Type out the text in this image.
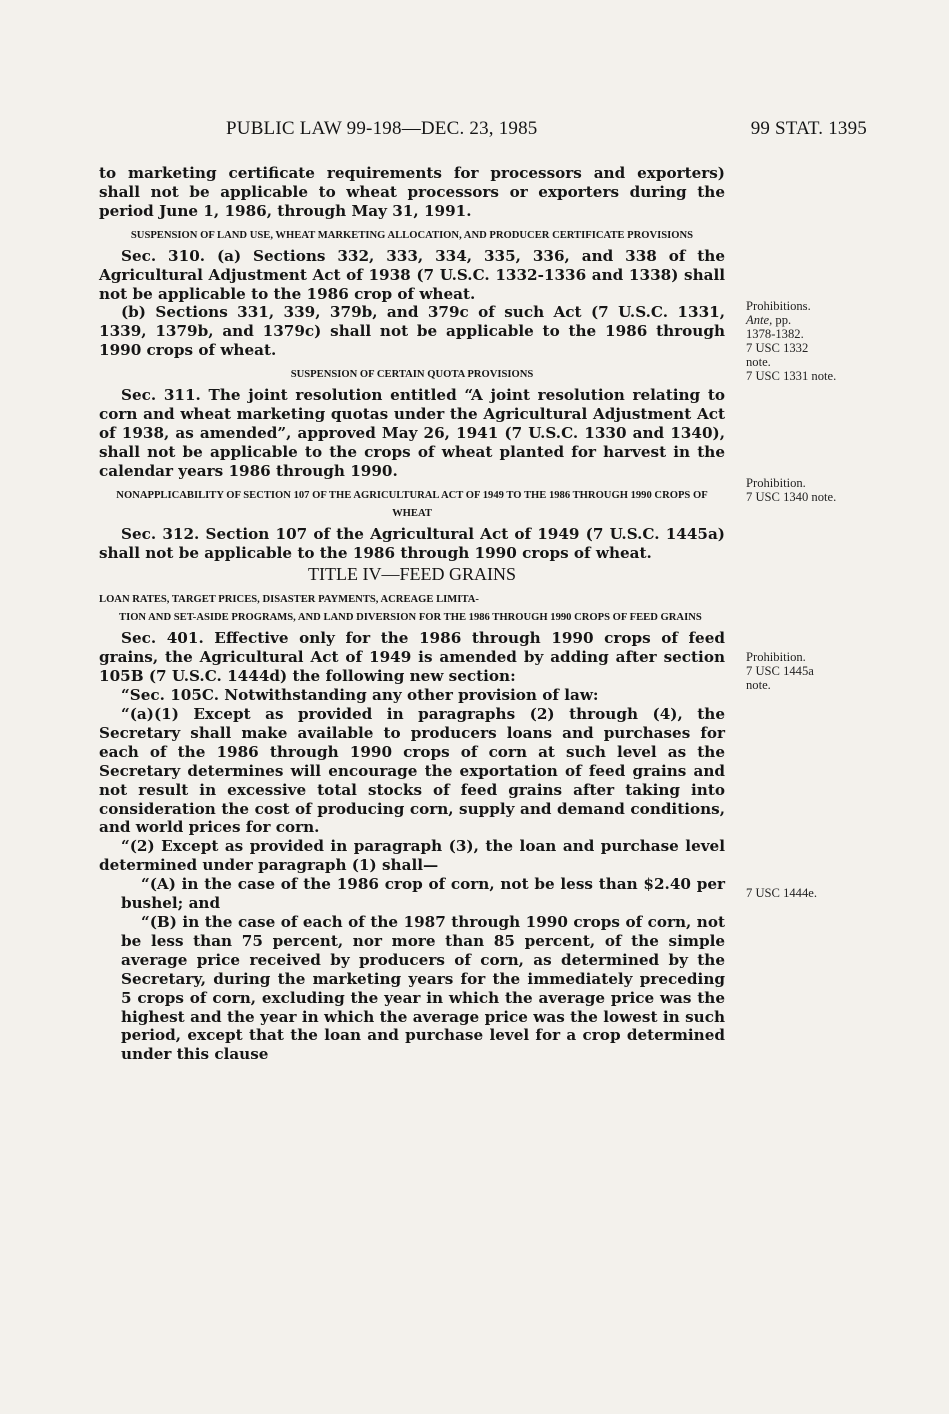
PUBLIC LAW 99-198—DEC. 23, 1985	99 STAT. 1395

to marketing certificate requirements for processors and exporters) shall not be applicable to wheat processors or exporters during the period June 1, 1986, through May 31, 1991.

SUSPENSION OF LAND USE, WHEAT MARKETING ALLOCATION, AND PRODUCER CERTIFICATE PROVISIONS

Sec. 310. (a) Sections 332, 333, 334, 335, 336, and 338 of the Agricultural Adjustment Act of 1938 (7 U.S.C. 1332-1336 and 1338) shall not be applicable to the 1986 crop of wheat.

(b) Sections 331, 339, 379b, and 379c of such Act (7 U.S.C. 1331, 1339, 1379b, and 1379c) shall not be applicable to the 1986 through 1990 crops of wheat.

SUSPENSION OF CERTAIN QUOTA PROVISIONS

Sec. 311. The joint resolution entitled “A joint resolution relating to corn and wheat marketing quotas under the Agricultural Adjustment Act of 1938, as amended”, approved May 26, 1941 (7 U.S.C. 1330 and 1340), shall not be applicable to the crops of wheat planted for harvest in the calendar years 1986 through 1990.

NONAPPLICABILITY OF SECTION 107 OF THE AGRICULTURAL ACT OF 1949 TO THE 1986 THROUGH 1990 CROPS OF WHEAT

Sec. 312. Section 107 of the Agricultural Act of 1949 (7 U.S.C. 1445a) shall not be applicable to the 1986 through 1990 crops of wheat.

TITLE IV—FEED GRAINS
LOAN RATES, TARGET PRICES, DISASTER PAYMENTS, ACREAGE LIMITA-
TION AND SET-ASIDE PROGRAMS, AND LAND DIVERSION FOR THE 1986 THROUGH 1990 CROPS OF FEED GRAINS

Sec. 401. Effective only for the 1986 through 1990 crops of feed grains, the Agricultural Act of 1949 is amended by adding after section 105B (7 U.S.C. 1444d) the following new section:

“Sec. 105C. Notwithstanding any other provision of law:

“(a)(1) Except as provided in paragraphs (2) through (4), the Secretary shall make available to producers loans and purchases for each of the 1986 through 1990 crops of corn at such level as the Secretary determines will encourage the exportation of feed grains and not result in excessive total stocks of feed grains after taking into consideration the cost of producing corn, supply and demand conditions, and world prices for corn.

“(2) Except as provided in paragraph (3), the loan and purchase level determined under paragraph (1) shall—

“(A) in the case of the 1986 crop of corn, not be less than $2.40 per bushel; and

“(B) in the case of each of the 1987 through 1990 crops of corn, not be less than 75 percent, nor more than 85 percent, of the simple average price received by producers of corn, as determined by the Secretary, during the marketing years for the immediately preceding 5 crops of corn, excluding the year in which the average price was the highest and the year in which the average price was the lowest in such period, except that the loan and purchase level for a crop determined under this clause

Prohibitions.
Ante, pp.
1378-1382.
7 USC 1332
note.
7 USC 1331 note.
Prohibition.
7 USC 1340 note.
Prohibition.
7 USC 1445a
note.
7 USC 1444e.
